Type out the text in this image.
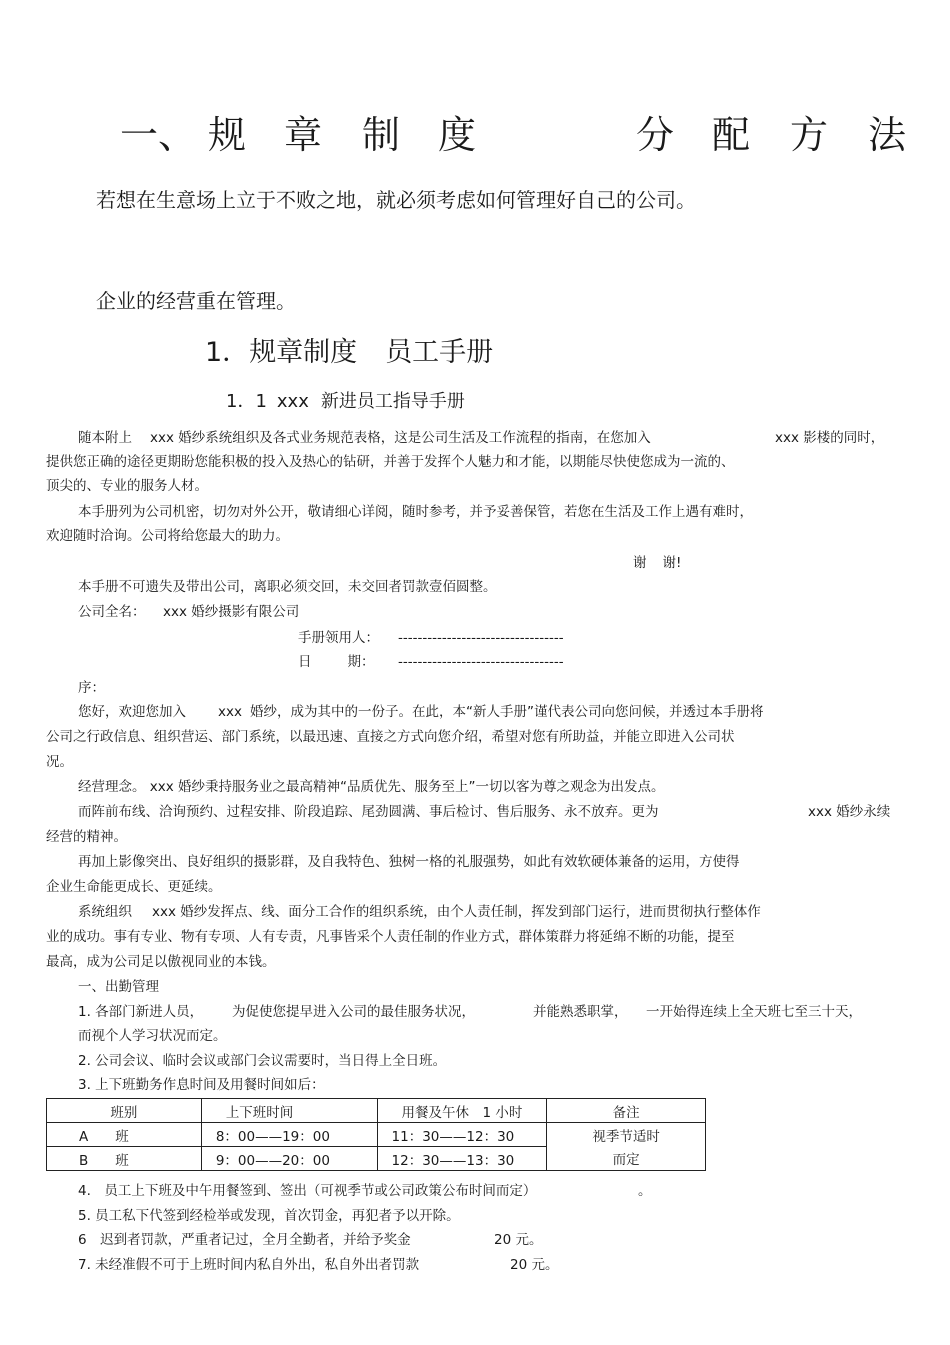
一、 规 章 制 度	分 配 方 法
若想在生意场上立于不败之地，就必须考虑如何管理好自己的公司。
企业的经营重在管理。
1．规章制度 员工手册
1．1 xxx 新进员工指导手册
随本附上 xxx 婚纱系统组织及各式业务规范表格，这是公司生活及工作流程的指南，在您加入	xxx 影楼的同时，
提供您正确的途径更期盼您能积极的投入及热心的钻研，并善于发挥个人魅力和才能，以期能尽快使您成为一流的、
顶尖的、专业的服务人材。
本手册列为公司机密，切勿对外公开，敬请细心详阅，随时参考，并予妥善保管，若您在生活及工作上遇有难时，
欢迎随时洽询。公司将给您最大的助力。
谢 谢!
本手册不可遗失及带出公司，离职必须交回，未交回者罚款壹佰圆整。
公司全名： xxx 婚纱摄影有限公司
手册领用人： ----------------------------------
日	期： ----------------------------------
序：
您好，欢迎您加入 xxx 婚纱，成为其中的一份子。在此，本“新人手册”谨代表公司向您问候，并透过本手册将
公司之行政信息、组织营运、部门系统，以最迅速、直接之方式向您介绍，希望对您有所助益，并能立即进入公司状
况。
经营理念。 xxx 婚纱秉持服务业之最高精神“品质优先、服务至上”一切以客为尊之观念为出发点。
而阵前布线、洽询预约、过程安排、阶段追踪、尾劲圆满、事后检讨、售后服务、永不放弃。更为	xxx 婚纱永续
经营的精神。
再加上影像突出、良好组织的摄影群，及自我特色、独树一格的礼服强势，如此有效软硬体兼备的运用，方使得
企业生命能更成长、更延续。
系统组织 xxx 婚纱发挥点、线、面分工合作的组织系统，由个人责任制，挥发到部门运行，进而贯彻执行整体作
业的成功。事有专业、物有专项、人有专责，凡事皆采个人责任制的作业方式，群体策群力将延绵不断的功能，提至
最高，成为公司足以傲视同业的本钱。
一、出勤管理
1. 各部门新进人员， 为促使您提早进入公司的最佳服务状况，	并能熟悉职掌， 一开始得连续上全天班七至三十天，
而视个人学习状况而定。
2. 公司会议、临时会议或部门会议需要时，当日得上全日班。
3. 上下班勤务作息时间及用餐时间如后：
班别	上下班时间	用餐及午休　1 小时	备注
A　　班	8：00——19：00	11：30——12：30	视季节适时
B　　班	9：00——20：00	12：30——13：30	而定
4.　员工上下班及中午用餐签到、签出（可视季节或公司政策公布时间而定）	。
5. 员工私下代签到经检举或发现，首次罚金，再犯者予以开除。
6　迟到者罚款，严重者记过，全月全勤者，并给予奖金	20 元。
7. 未经准假不可于上班时间内私自外出，私自外出者罚款	20 元。
